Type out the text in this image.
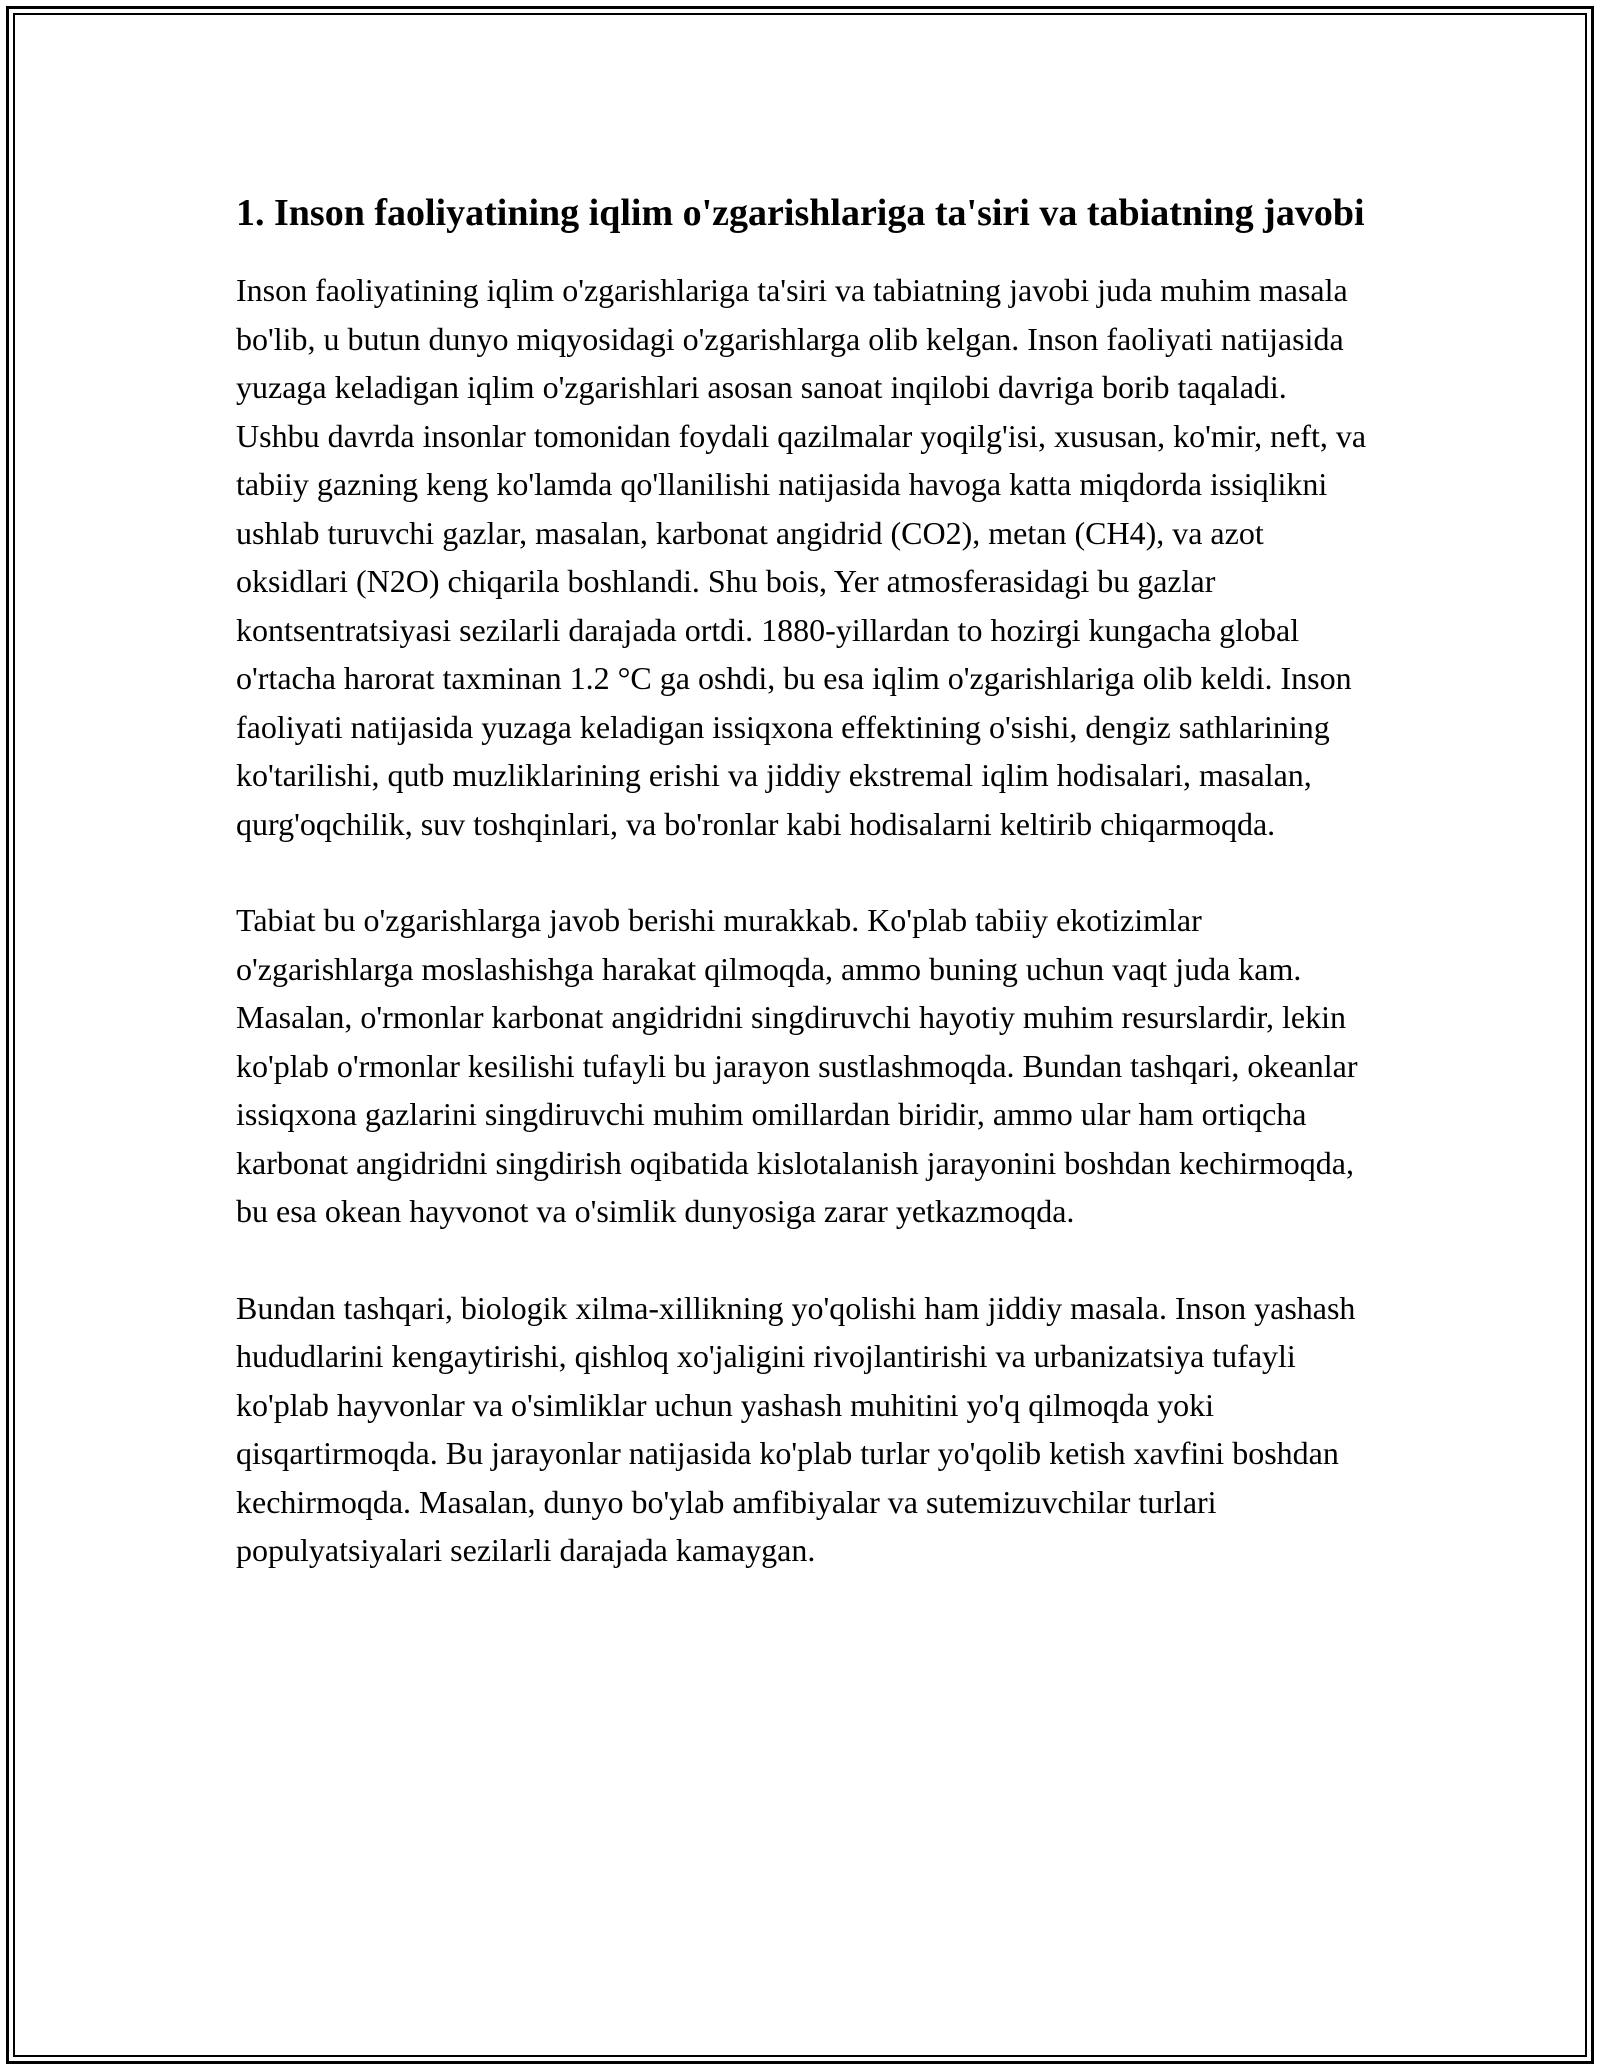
1. Inson faoliyatining iqlim o'zgarishlariga ta'siri va tabiatning javobi

Inson faoliyatining iqlim o'zgarishlariga ta'siri va tabiatning javobi juda muhim masala bo'lib, u butun dunyo miqyosidagi o'zgarishlarga olib kelgan. Inson faoliyati natijasida yuzaga keladigan iqlim o'zgarishlari asosan sanoat inqilobi davriga borib taqaladi. Ushbu davrda insonlar tomonidan foydali qazilmalar yoqilg'isi, xususan, ko'mir, neft, va tabiiy gazning keng ko'lamda qo'llanilishi natijasida havoga katta miqdorda issiqlikni ushlab turuvchi gazlar, masalan, karbonat angidrid (CO2), metan (CH4), va azot oksidlari (N2O) chiqarila boshlandi. Shu bois, Yer atmosferasidagi bu gazlar kontsentratsiyasi sezilarli darajada ortdi. 1880-yillardan to hozirgi kungacha global o'rtacha harorat taxminan 1.2 °C ga oshdi, bu esa iqlim o'zgarishlariga olib keldi. Inson faoliyati natijasida yuzaga keladigan issiqxona effektining o'sishi, dengiz sathlarining ko'tarilishi, qutb muzliklarining erishi va jiddiy ekstremal iqlim hodisalari, masalan, qurg'oqchilik, suv toshqinlari, va bo'ronlar kabi hodisalarni keltirib chiqarmoqda.

Tabiat bu o'zgarishlarga javob berishi murakkab. Ko'plab tabiiy ekotizimlar o'zgarishlarga moslashishga harakat qilmoqda, ammo buning uchun vaqt juda kam. Masalan, o'rmonlar karbonat angidridni singdiruvchi hayotiy muhim resurslardir, lekin ko'plab o'rmonlar kesilishi tufayli bu jarayon sustlashmoqda. Bundan tashqari, okeanlar issiqxona gazlarini singdiruvchi muhim omillardan biridir, ammo ular ham ortiqcha karbonat angidridni singdirish oqibatida kislotalanish jarayonini boshdan kechirmoqda, bu esa okean hayvonot va o'simlik dunyosiga zarar yetkazmoqda.

Bundan tashqari, biologik xilma-xillikning yo'qolishi ham jiddiy masala. Inson yashash hududlarini kengaytirishi, qishloq xo'jaligini rivojlantirishi va urbanizatsiya tufayli ko'plab hayvonlar va o'simliklar uchun yashash muhitini yo'q qilmoqda yoki qisqartirmoqda. Bu jarayonlar natijasida ko'plab turlar yo'qolib ketish xavfini boshdan kechirmoqda. Masalan, dunyo bo'ylab amfibiyalar va sutemizuvchilar turlari populyatsiyalari sezilarli darajada kamaygan.
